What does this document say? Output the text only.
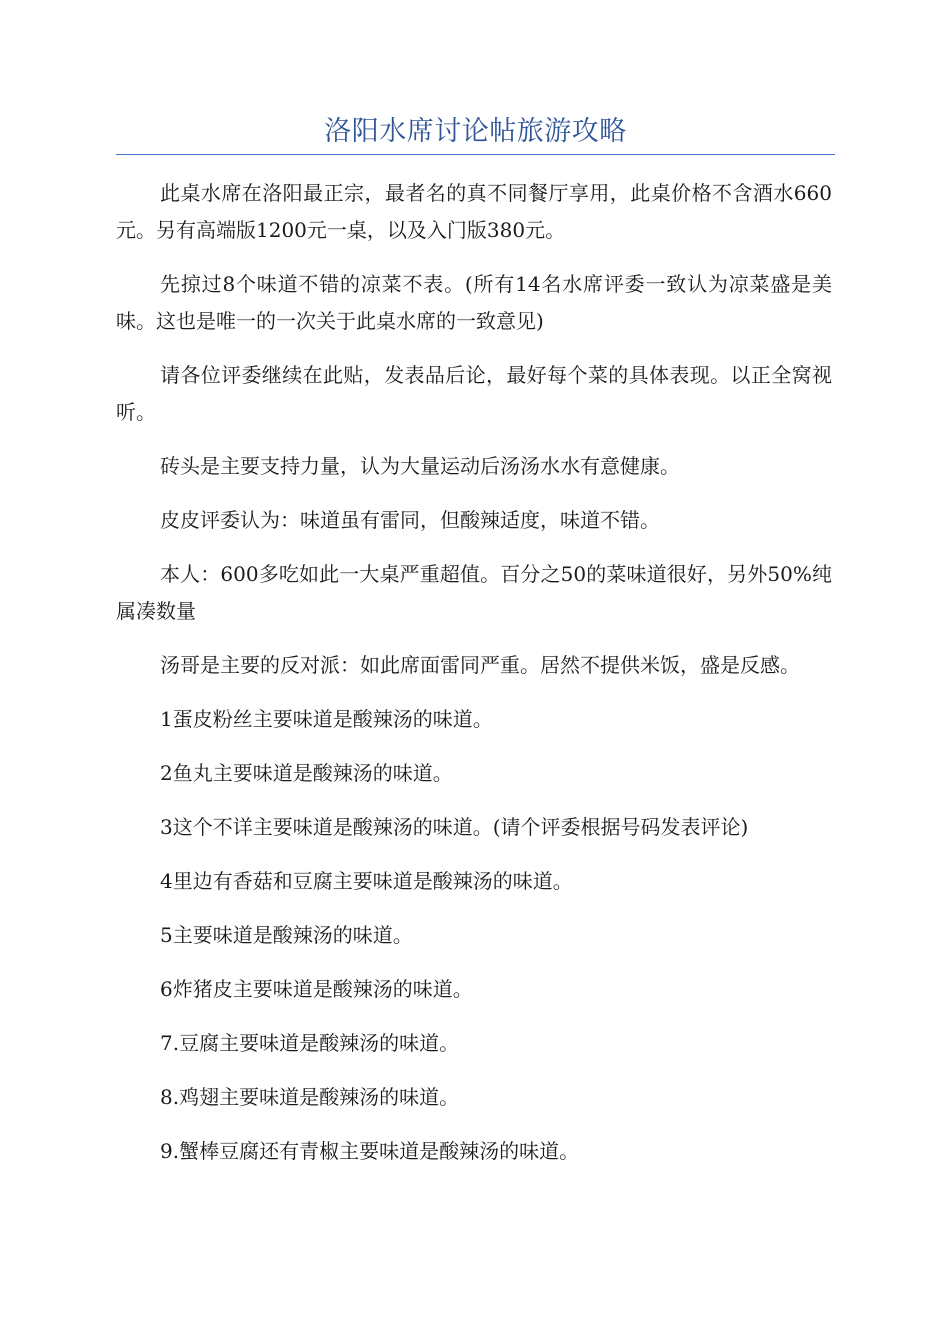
洛阳水席讨论帖旅游攻略

此桌水席在洛阳最正宗，最者名的真不同餐厅享用，此桌价格不含酒水660元。另有高端版1200元一桌，以及入门版380元。

先掠过8个味道不错的凉菜不表。(所有14名水席评委一致认为凉菜盛是美味。这也是唯一的一次关于此桌水席的一致意见)

请各位评委继续在此贴，发表品后论，最好每个菜的具体表现。以正全窝视听。

砖头是主要支持力量，认为大量运动后汤汤水水有意健康。

皮皮评委认为：味道虽有雷同，但酸辣适度，味道不错。

本人：600多吃如此一大桌严重超值。百分之50的菜味道很好，另外50%纯属凑数量

汤哥是主要的反对派：如此席面雷同严重。居然不提供米饭，盛是反感。

1蛋皮粉丝主要味道是酸辣汤的味道。

2鱼丸主要味道是酸辣汤的味道。

3这个不详主要味道是酸辣汤的味道。(请个评委根据号码发表评论)

4里边有香菇和豆腐主要味道是酸辣汤的味道。

5主要味道是酸辣汤的味道。

6炸猪皮主要味道是酸辣汤的味道。

7.豆腐主要味道是酸辣汤的味道。

8.鸡翅主要味道是酸辣汤的味道。

9.蟹棒豆腐还有青椒主要味道是酸辣汤的味道。
